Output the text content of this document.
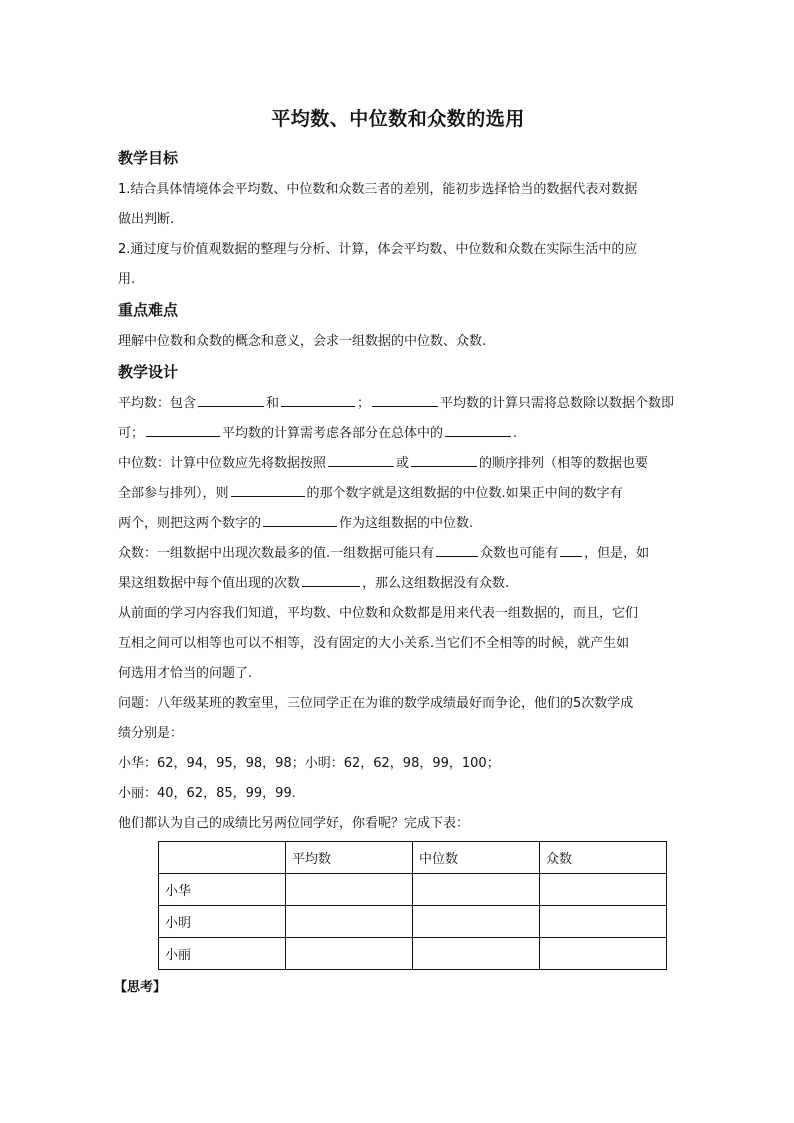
平均数、中位数和众数的选用
教学目标

1.结合具体情境体会平均数、中位数和众数三者的差别，能初步选择恰当的数据代表对数据

做出判断.

2.通过度与价值观数据的整理与分析、计算，体会平均数、中位数和众数在实际生活中的应

用.

重点难点

理解中位数和众数的概念和意义，会求一组数据的中位数、众数.

教学设计

平均数：包含	和	；	平均数的计算只需将总数除以数据个数即
可；	平均数的计算需考虑各部分在总体中的	.

中位数：计算中位数应先将数据按照	或	的顺序排列（相等的数据也要
全部参与排列），则	的那个数字就是这组数据的中位数.如果正中间的数字有
两个，则把这两个数字的	作为这组数据的中位数.

众数：一组数据中出现次数最多的值.一组数据可能只有	众数也可能有 ，但是，如
果这组数据中每个值出现的次数	，那么这组数据没有众数.

从前面的学习内容我们知道，平均数、中位数和众数都是用来代表一组数据的，而且，它们

互相之间可以相等也可以不相等，没有固定的大小关系.当它们不全相等的时候，就产生如

何选用才恰当的问题了.

问题：八年级某班的教室里，三位同学正在为谁的数学成绩最好而争论，他们的5次数学成

绩分别是：

小华：62，94，95，98，98；小明：62，62，98，99，100；

小丽：40，62，85，99，99.

他们都认为自己的成绩比另两位同学好，你看呢？完成下表：

	平均数	中位数	众数
小华			
小明			
小丽			
【思考】
